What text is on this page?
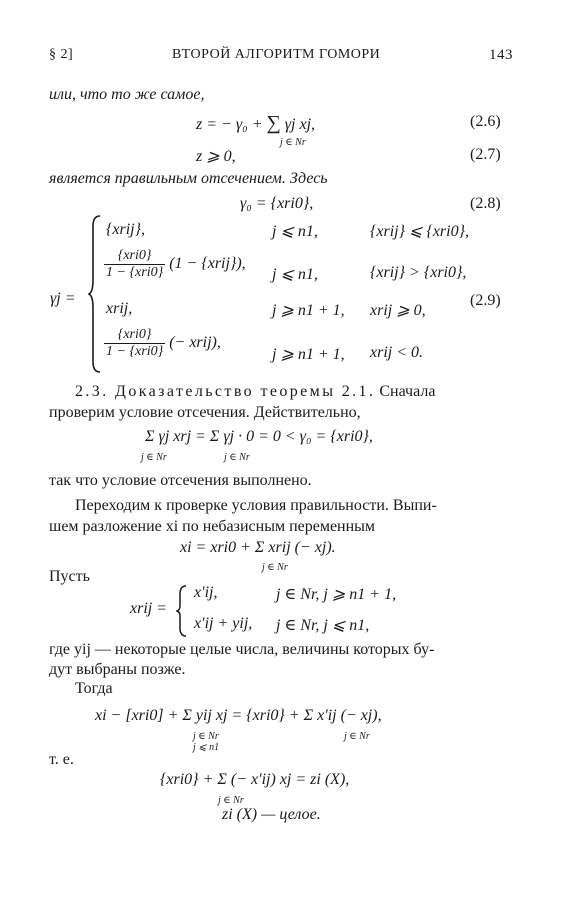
§ 2]	ВТОРОЙ АЛГОРИТМ ГОМОРИ	143
или, что то же самое,
z = − γ₀ + ∑ γj xj,
j ∈ Nr
(2.6)
z ⩾ 0,	(2.7)
является правильным отсечением. Здесь
γ₀ = {xri0},	(2.8)
γj =
{xrij},	j ⩽ n1,	{xrij} ⩽ {xri0},
$\frac{\text{\{xri0\}}}{\text{1 − \{xri0\}}} (1$ − {xrij}),
j ⩽ n1,	{xrij} > {xri0},
xrij,	j ⩾ n1 + 1, xrij ⩾ 0,
(2.9)
$\frac{\text{\{xri0\}}}{\text{1 − \{xri0\}}}$ (− xrij),
j ⩾ n1 + 1, xrij < 0.
2.3. Доказательство теоремы 2.1. Сначала
проверим условие отсечения. Действительно,
Σ γj xrj = Σ γj · 0 = 0 < γ₀ = {xri0},
j ∈ Nr	j ∈ Nr
так что условие отсечения выполнено.
Переходим к проверке условия правильности. Выпи-
шем разложение xi по небазисным переменным
xi = xri0 + Σ xrij (− xj).
j ∈ Nr
Пусть
xrij =
x′ij,	j ∈ Nr, j ⩾ n1 + 1,
x′ij + yij, j ∈ Nr, j ⩽ n1,
где yij — некоторые целые числа, величины которых бу-
дут выбраны позже.
Тогда
xi − [xri0] + Σ yij xj = {xri0} + Σ x′ij (− xj),
j ∈ Nr
j ⩽ n1
j ∈ Nr
т. е.
{xri0} + Σ (− x′ij) xj = zi (X),
j ∈ Nr
zi (X) — целое.
